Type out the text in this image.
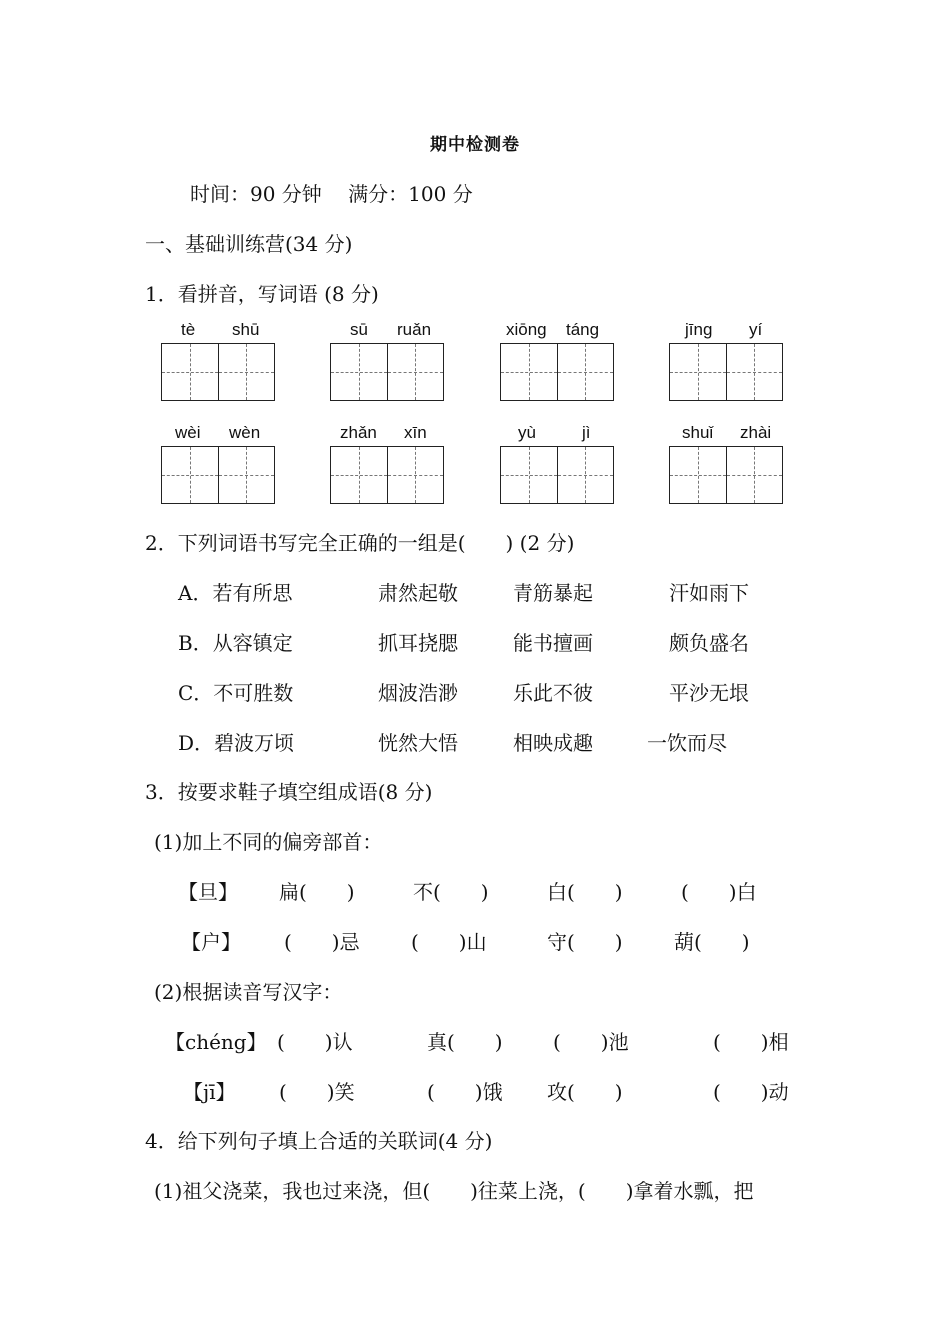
期中检测卷
时间：90 分钟　 满分：100 分
一、基础训练营(34 分)
1．看拼音，写词语 (8 分)
tè shū	sū ruǎn	xiōng táng	jīng yí
wèi wèn	zhǎn xīn	yù	jì	shuǐ zhài
2．下列词语书写完全正确的一组是(　　) (2 分)
A．若有所思	肃然起敬	青筋暴起	汗如雨下
B．从容镇定	抓耳挠腮	能书擅画	颇负盛名
C．不可胜数	烟波浩渺	乐此不彼	平沙无垠
D．碧波万顷	恍然大悟	相映成趣	一饮而尽
3．按要求鞋子填空组成语(8 分)
(1)加上不同的偏旁部首：
【旦】 扁(　　)	不(　　)	白(　　)	(　　)白
【户】 (　　)忌	(　　)山	守(　　)	葫(　　)
(2)根据读音写汉字：
【chéng】 (　　)认	真(　　)	(　　)池	(　　)相
【jī】 (　　)笑	(　　)饿 攻(　　)	(　　)动
4．给下列句子填上合适的关联词(4 分)
(1)祖父浇菜，我也过来浇，但(　　)往菜上浇，(　　)拿着水瓢，把
